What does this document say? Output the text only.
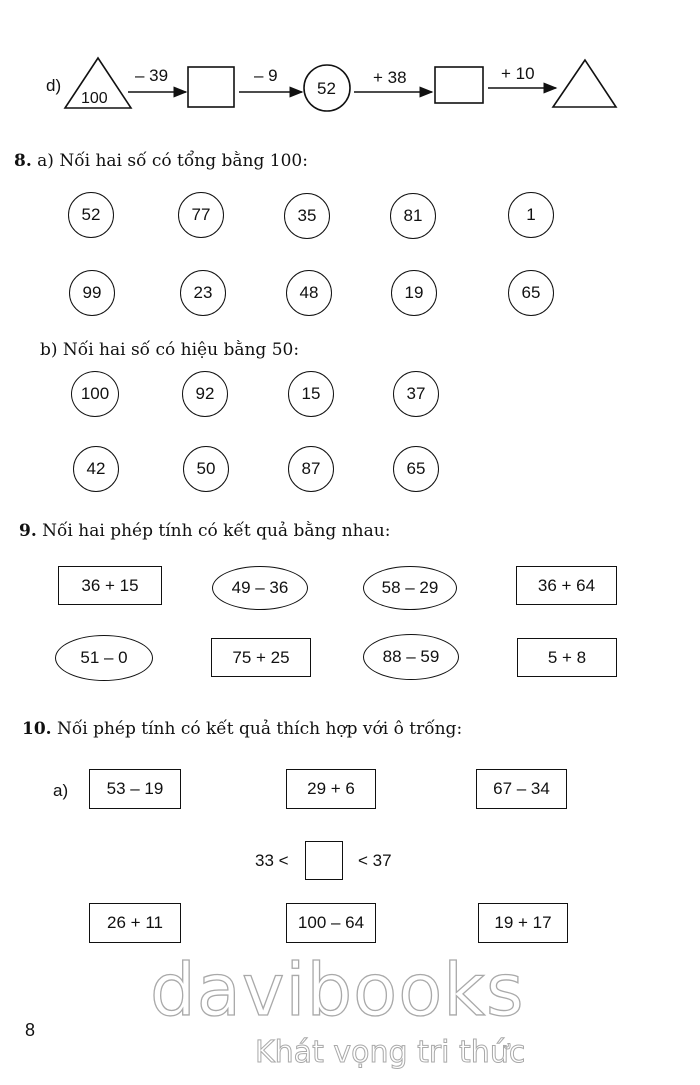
d)
100
– 39	– 9
52
+ 38	+ 10
8. a) Nối hai số có tổng bằng 100:
52	77	35	81	1
99	23	48	19	65
b) Nối hai số có hiệu bằng 50:
100	92	15	37
42	50	87	65
9. Nối hai phép tính có kết quả bằng nhau:
36 + 15	49 – 36	58 – 29	36 + 64
51 – 0	75 + 25	88 – 59	5 + 8
10. Nối phép tính có kết quả thích hợp với ô trống:
a)	53 – 19	29 + 6	67 – 34
33 <	< 37
26 + 11	100 – 64	19 + 17
davibooks
Khát vọng tri thức
8
